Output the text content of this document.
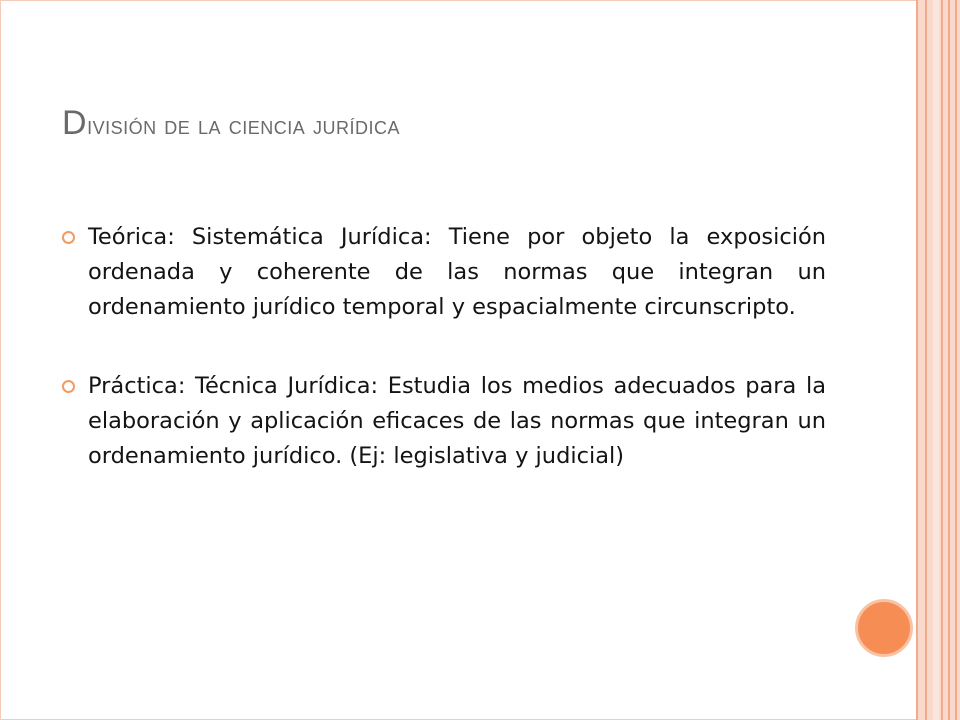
División de la ciencia jurídica
Teórica: Sistemática Jurídica: Tiene por objeto la exposición ordenada y coherente de las normas que integran un ordenamiento jurídico temporal y espacialmente circunscripto.
Práctica: Técnica Jurídica: Estudia los medios adecuados para la elaboración y aplicación eficaces de las normas que integran un ordenamiento jurídico. (Ej: legislativa y judicial)
